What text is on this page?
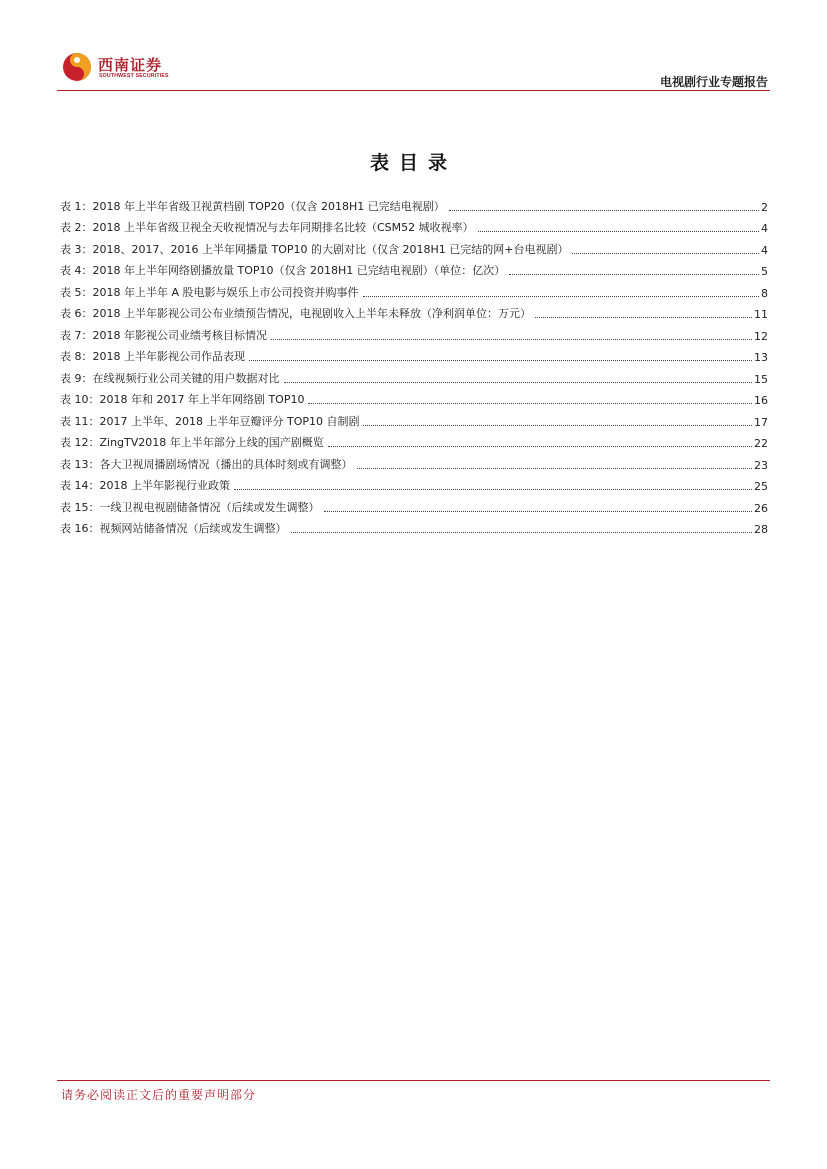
西南证券
SOUTHWEST SECURITIES	电视剧行业专题报告
表目录
表 1：2018 年上半年省级卫视黄档剧 TOP20（仅含 2018H1 已完结电视剧）	2
表 2：2018 上半年省级卫视全天收视情况与去年同期排名比较（CSM52 城收视率）	4
表 3：2018、2017、2016 上半年网播量 TOP10 的大剧对比（仅含 2018H1 已完结的网+台电视剧）	4
表 4：2018 年上半年网络剧播放量 TOP10（仅含 2018H1 已完结电视剧）（单位：亿次）	5
表 5：2018 年上半年 A 股电影与娱乐上市公司投资并购事件	8
表 6：2018 上半年影视公司公布业绩预告情况，电视剧收入上半年未释放（净利润单位：万元）	11
表 7：2018 年影视公司业绩考核目标情况	12
表 8：2018 上半年影视公司作品表现	13
表 9：在线视频行业公司关键的用户数据对比	15
表 10：2018 年和 2017 年上半年网络剧 TOP10	16
表 11：2017 上半年、2018 上半年豆瓣评分 TOP10 自制剧	17
表 12：ZingTV2018 年上半年部分上线的国产剧概览	22
表 13：各大卫视周播剧场情况（播出的具体时刻或有调整）	23
表 14：2018 上半年影视行业政策	25
表 15：一线卫视电视剧储备情况（后续或发生调整）	26
表 16：视频网站储备情况（后续或发生调整）	28
请务必阅读正文后的重要声明部分
